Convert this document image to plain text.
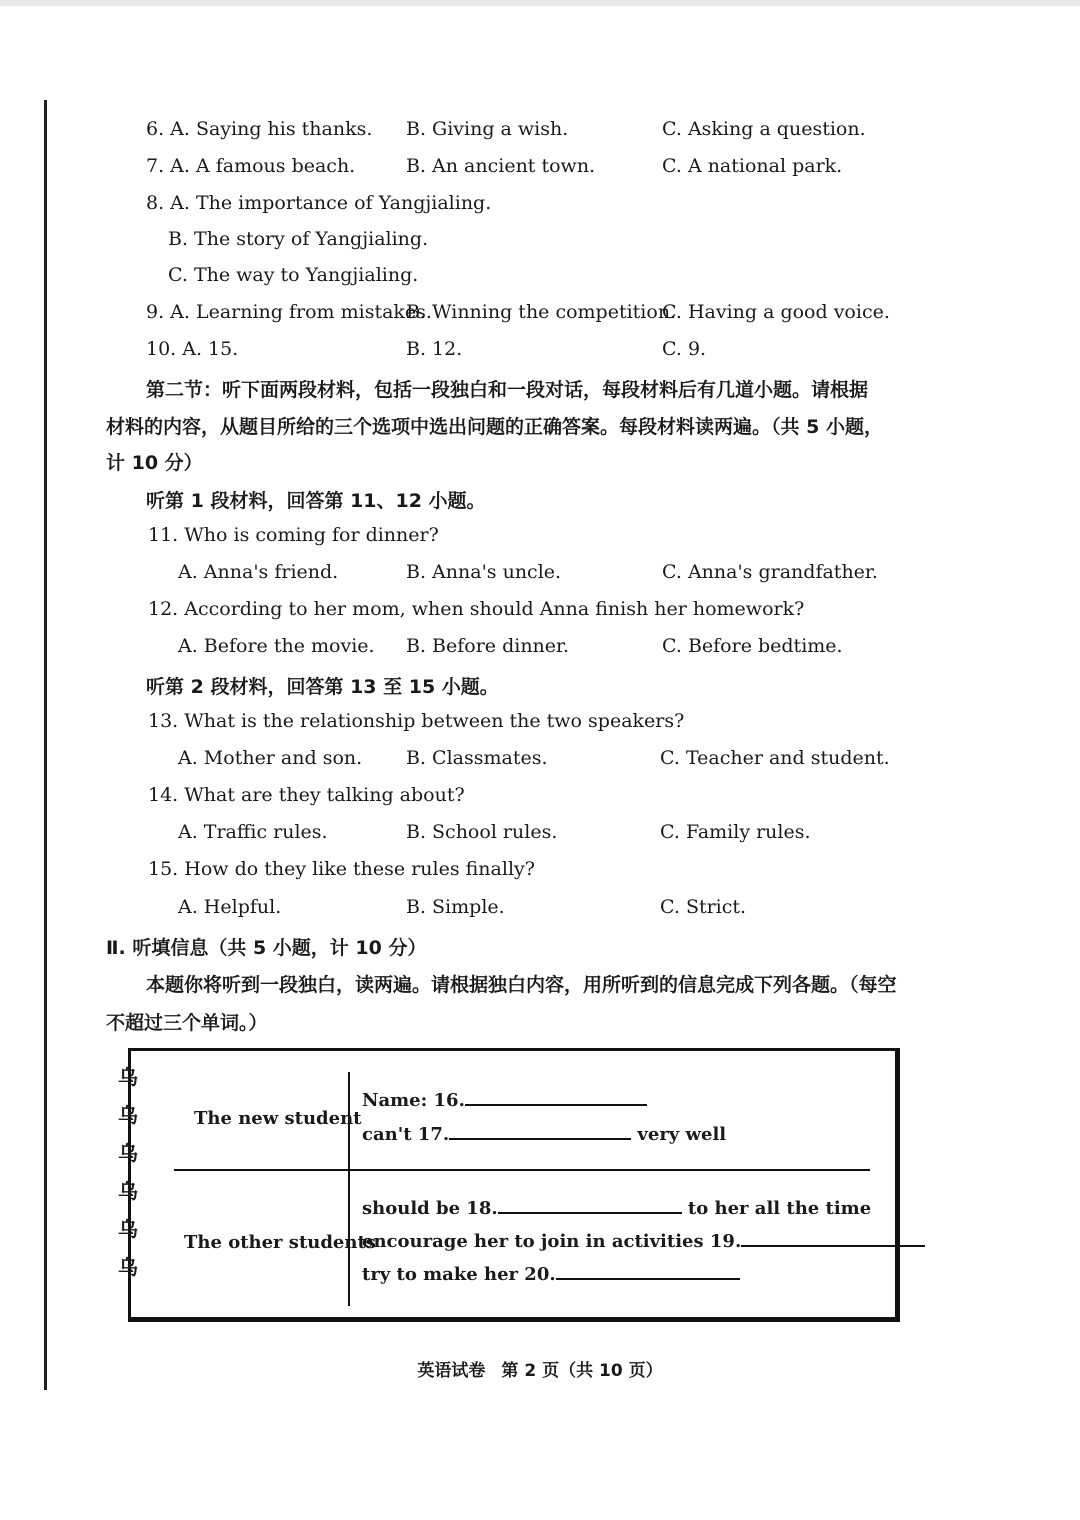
6. A. Saying his thanks. B. Giving a wish.	C. Asking a question.
7. A. A famous beach.	B. An ancient town.	C. A national park.
8. A. The importance of Yangjialing.
B. The story of Yangjialing.
C. The way to Yangjialing.
9. A. Learning from mistakes.
B. Winning the competition.
C. Having a good voice.
10. A. 15.	B. 12.	C. 9.
第二节：听下面两段材料，包括一段独白和一段对话，每段材料后有几道小题。请根据
材料的内容，从题目所给的三个选项中选出问题的正确答案。每段材料读两遍。（共 5 小题，
计 10 分）
听第 1 段材料，回答第 11、12 小题。
11. Who is coming for dinner?
A. Anna's friend.	B. Anna's uncle.	C. Anna's grandfather.
12. According to her mom, when should Anna finish her homework?
A. Before the movie. B. Before dinner.	C. Before bedtime.
听第 2 段材料，回答第 13 至 15 小题。
13. What is the relationship between the two speakers?
A. Mother and son. B. Classmates.	C. Teacher and student.
14. What are they talking about?
A. Traffic rules.	B. School rules.	C. Family rules.
15. How do they like these rules finally?
A. Helpful.	B. Simple.	C. Strict.
Ⅱ. 听填信息（共 5 小题，计 10 分）
本题你将听到一段独白，读两遍。请根据独白内容，用所听到的信息完成下列各题。（每空
不超过三个单词。）
乌
乌
乌
乌
乌
乌
The new student
Name: 16.
can't 17.	very well
The other students
should be 18.	to her all the time
encourage her to join in activities 19.
try to make her 20.
英语试卷 第 2 页（共 10 页）
